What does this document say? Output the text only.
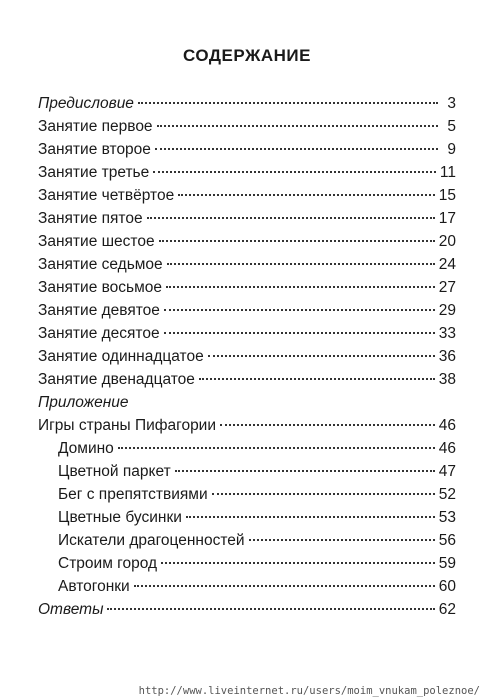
СОДЕРЖАНИЕ
Предисловие	3
Занятие первое	5
Занятие второе	9
Занятие третье	11
Занятие четвёртое	15
Занятие пятое	17
Занятие шестое	20
Занятие седьмое	24
Занятие восьмое	27
Занятие девятое	29
Занятие десятое	33
Занятие одиннадцатое	36
Занятие двенадцатое	38
Приложение
Игры страны Пифагории	46
Домино	46
Цветной паркет	47
Бег с препятствиями	52
Цветные бусинки	53
Искатели драгоценностей	56
Строим город	59
Автогонки	60
Ответы	62
http://www.liveinternet.ru/users/moim_vnukam_poleznoe/
